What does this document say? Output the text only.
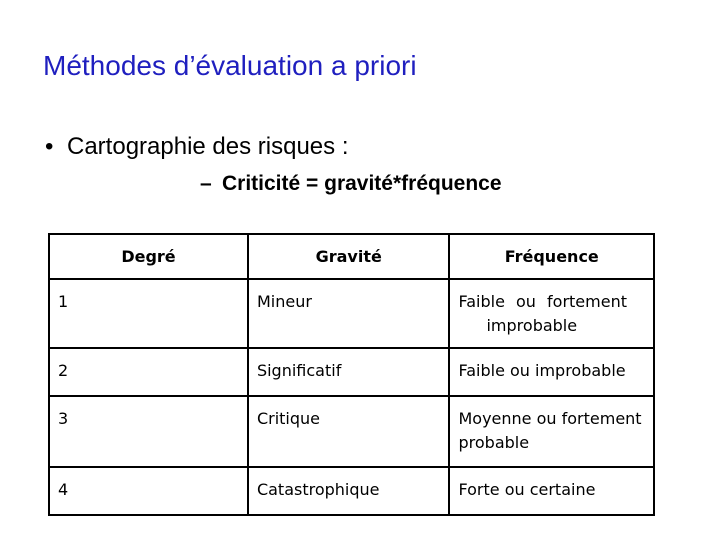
Méthodes d’évaluation a priori
• Cartographie des risques :
– Criticité = gravité*fréquence
Degré	Gravité	Fréquence
1	Mineur	Faible ou fortement
improbable

2	Significatif	Faible ou improbable

3	Critique	Moyenne ou fortement
probable

4	Catastrophique	Forte ou certaine
